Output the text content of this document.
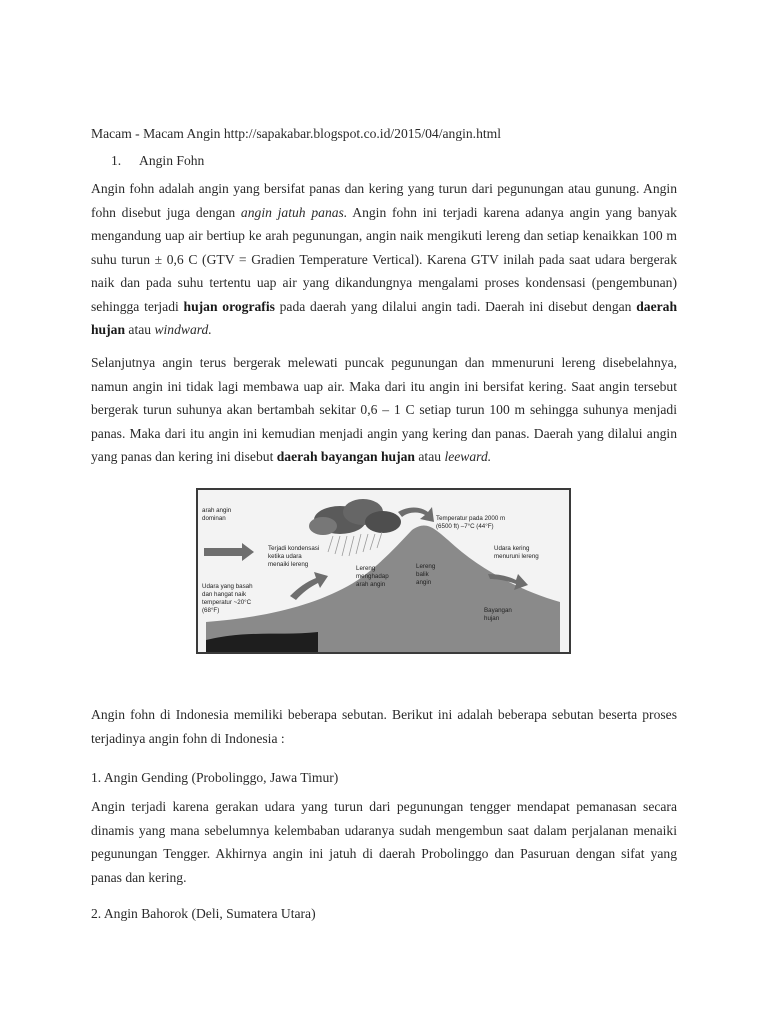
Macam - Macam Angin http://sapakabar.blogspot.co.id/2015/04/angin.html
1. Angin Fohn
Angin fohn adalah angin yang bersifat panas dan kering yang turun dari pegunungan atau gunung. Angin fohn disebut juga dengan angin jatuh panas. Angin fohn ini terjadi karena adanya angin yang banyak mengandung uap air bertiup ke arah pegunungan, angin naik mengikuti lereng dan setiap kenaikkan 100 m suhu turun ± 0,6 C (GTV = Gradien Temperature Vertical). Karena GTV inilah pada saat udara bergerak naik dan pada suhu tertentu uap air yang dikandungnya mengalami proses kondensasi (pengembunan) sehingga terjadi hujan orografis pada daerah yang dilalui angin tadi. Daerah ini disebut dengan daerah hujan atau windward.
Selanjutnya angin terus bergerak melewati puncak pegunungan dan mmenuruni lereng disebelahnya, namun angin ini tidak lagi membawa uap air. Maka dari itu angin ini bersifat kering. Saat angin tersebut bergerak turun suhunya akan bertambah sekitar 0,6 – 1 C setiap turun 100 m sehingga suhunya menjadi panas. Maka dari itu angin ini kemudian menjadi angin yang kering dan panas. Daerah yang dilalui angin yang panas dan kering ini disebut daerah bayangan hujan atau leeward.
arah angin
dominan
Terjadi kondensasi
ketika udara
menaiki lereng
Temperatur pada 2000 m
(6500 ft) –7°C (44°F)
Udara kering
menuruni lereng
Udara yang basah
dan hangat naik
temperatur ~20°C
(68°F)
Lereng
menghadap
arah angin
Lereng
balik
angin
Bayangan
hujan
Angin fohn di Indonesia memiliki beberapa sebutan. Berikut ini adalah beberapa sebutan beserta proses terjadinya angin fohn di Indonesia :
1. Angin Gending (Probolinggo, Jawa Timur)
Angin terjadi karena gerakan udara yang turun dari pegunungan tengger mendapat pemanasan secara dinamis yang mana sebelumnya kelembaban udaranya sudah mengembun saat dalam perjalanan menaiki pegunungan Tengger. Akhirnya angin ini jatuh di daerah Probolinggo dan Pasuruan dengan sifat yang panas dan kering.
2. Angin Bahorok (Deli, Sumatera Utara)
